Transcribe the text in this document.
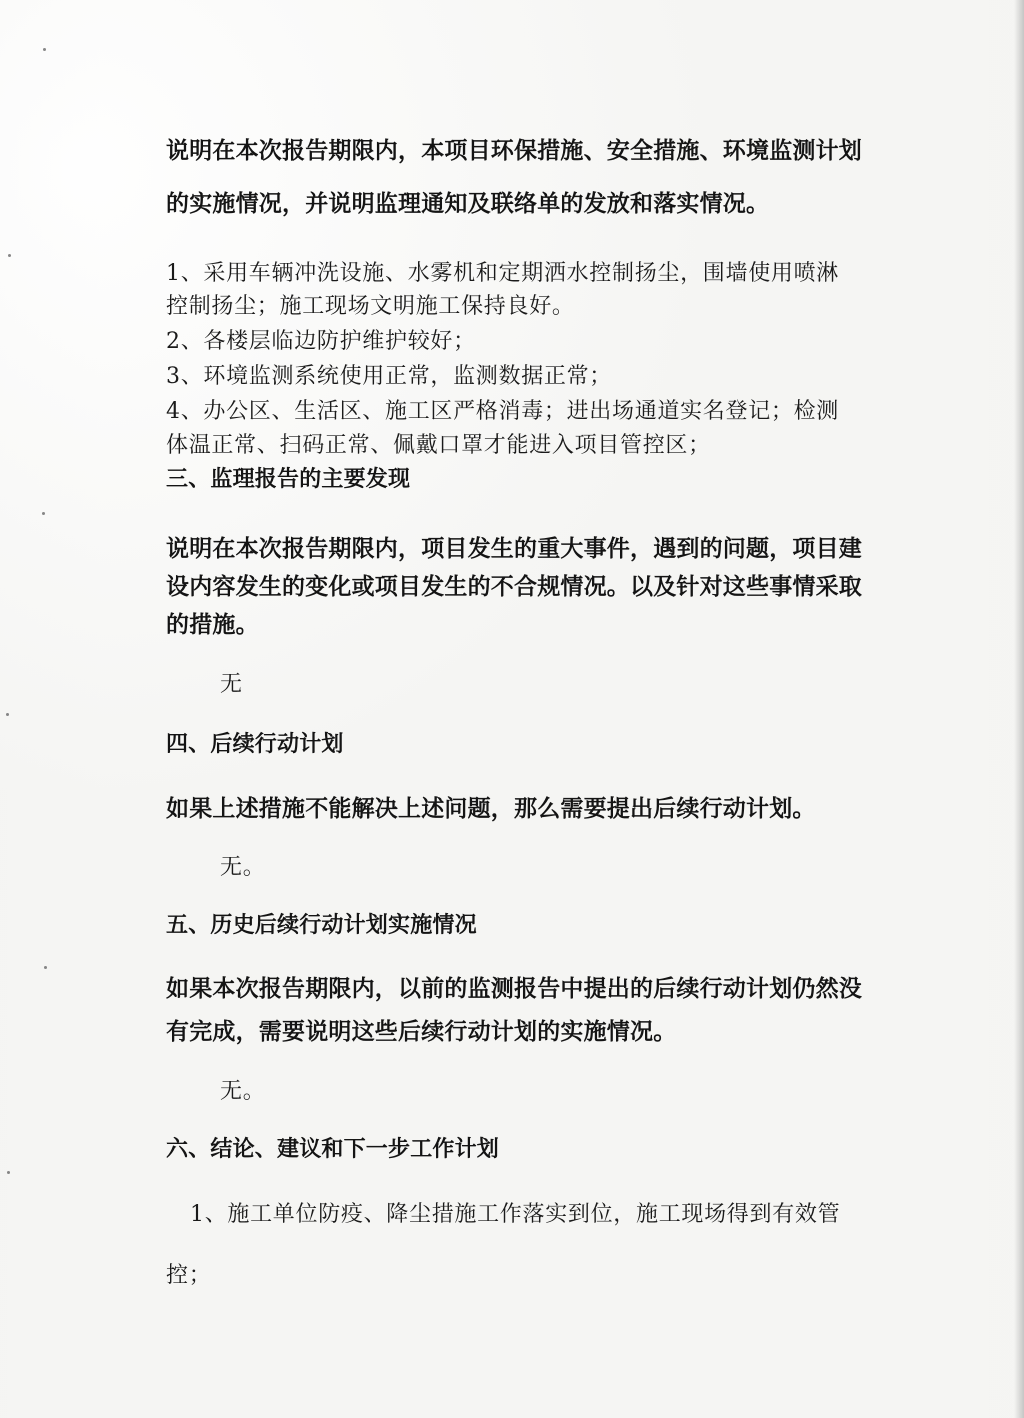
说明在本次报告期限内，本项目环保措施、安全措施、环境监测计划
的实施情况，并说明监理通知及联络单的发放和落实情况。
1、采用车辆冲洗设施、水雾机和定期洒水控制扬尘，围墙使用喷淋
控制扬尘；施工现场文明施工保持良好。
2、各楼层临边防护维护较好；
3、环境监测系统使用正常，监测数据正常；
4、办公区、生活区、施工区严格消毒；进出场通道实名登记；检测
体温正常、扫码正常、佩戴口罩才能进入项目管控区；
三、监理报告的主要发现
说明在本次报告期限内，项目发生的重大事件，遇到的问题，项目建
设内容发生的变化或项目发生的不合规情况。以及针对这些事情采取
的措施。
无
四、后续行动计划
如果上述措施不能解决上述问题，那么需要提出后续行动计划。
无。
五、历史后续行动计划实施情况
如果本次报告期限内，以前的监测报告中提出的后续行动计划仍然没
有完成，需要说明这些后续行动计划的实施情况。
无。
六、结论、建议和下一步工作计划
1、施工单位防疫、降尘措施工作落实到位，施工现场得到有效管
控；
